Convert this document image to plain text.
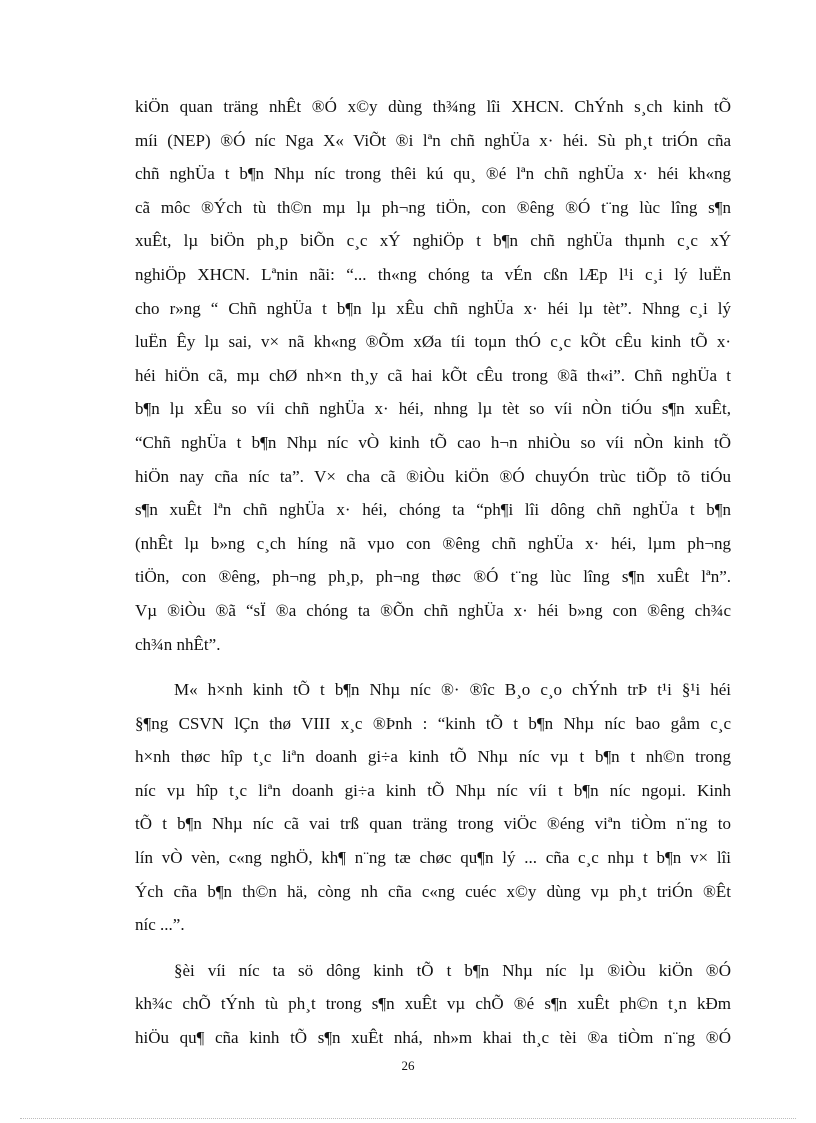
kiÖn quan träng nhÊt ®Ó x©y dùng th¾ng lîi XHCN. ChÝnh s¸ch kinh tÕ
míi (NEP) ®Ó níc Nga X« ViÕt ®i lªn chñ nghÜa x· héi. Sù ph¸t triÓn cña
chñ nghÜa t b¶n Nhµ níc trong thêi kú qu¸ ®é lªn chñ nghÜa x· héi kh«ng
cã môc ®Ých tù th©n mµ lµ ph¬ng tiÖn, con ®êng ®Ó t¨ng lùc lîng s¶n
xuÊt, lµ biÖn ph¸p biÕn c¸c xÝ nghiÖp t b¶n chñ nghÜa thµnh c¸c xÝ
nghiÖp XHCN. Lªnin nãi: “... th«ng chóng ta vÉn cßn lÆp l¹i c¸i lý luËn
cho r»ng “ Chñ nghÜa t b¶n lµ xÊu chñ nghÜa x· héi lµ tèt”. Nhng c¸i lý
luËn Êy lµ sai, v× nã kh«ng ®Õm xØa tíi toµn thÓ c¸c kÕt cÊu kinh tÕ x·
héi hiÖn cã, mµ chØ nh×n th¸y cã hai kÕt cÊu trong ®ã th«i”. Chñ nghÜa t
b¶n lµ xÊu so víi chñ nghÜa x· héi, nhng lµ tèt so víi nÒn tiÓu s¶n xuÊt,
“Chñ nghÜa t b¶n Nhµ níc vÒ kinh tÕ cao h¬n nhiÒu so víi nÒn kinh tÕ
hiÖn nay cña níc ta”. V× cha cã ®iÒu kiÖn ®Ó chuyÓn trùc tiÕp tõ tiÓu
s¶n xuÊt lªn chñ nghÜa x· héi, chóng ta “ph¶i lîi dông chñ nghÜa t b¶n
(nhÊt lµ b»ng c¸ch híng nã vµo con ®êng chñ nghÜa x· héi, lµm ph¬ng
tiÖn, con ®êng, ph¬ng ph¸p, ph¬ng thøc ®Ó t¨ng lùc lîng s¶n xuÊt lªn”.
Vµ ®iÒu ®ã “sÏ ®a chóng ta ®Õn chñ nghÜa x· héi b»ng con ®êng ch¾c
ch¾n nhÊt”.

M« h×nh kinh tÕ t b¶n Nhµ níc ®· ®îc B¸o c¸o chÝnh trÞ t¹i §¹i héi
§¶ng CSVN lÇn thø VIII x¸c ®Þnh : “kinh tÕ t b¶n Nhµ níc bao gåm c¸c
h×nh thøc hîp t¸c liªn doanh gi÷a kinh tÕ Nhµ níc vµ t b¶n t nh©n trong
níc vµ hîp t¸c liªn doanh gi÷a kinh tÕ Nhµ níc víi t b¶n níc ngoµi. Kinh
tÕ t b¶n Nhµ níc cã vai trß quan träng trong viÖc ®éng viªn tiÒm n¨ng to
lín vÒ vèn, c«ng nghÖ, kh¶ n¨ng tæ chøc qu¶n lý ... cña c¸c nhµ t b¶n v× lîi
Ých cña b¶n th©n hä, còng nh cña c«ng cuéc x©y dùng vµ ph¸t triÓn ®Êt
níc ...”.

§èi víi níc ta sö dông kinh tÕ t b¶n Nhµ níc lµ ®iÒu kiÖn ®Ó
kh¾c chÕ tÝnh tù ph¸t trong s¶n xuÊt vµ chÕ ®é s¶n xuÊt ph©n t¸n kÐm
hiÖu qu¶ cña kinh tÕ s¶n xuÊt nhá, nh»m khai th¸c tèi ®a tiÒm n¨ng ®Ó

26
